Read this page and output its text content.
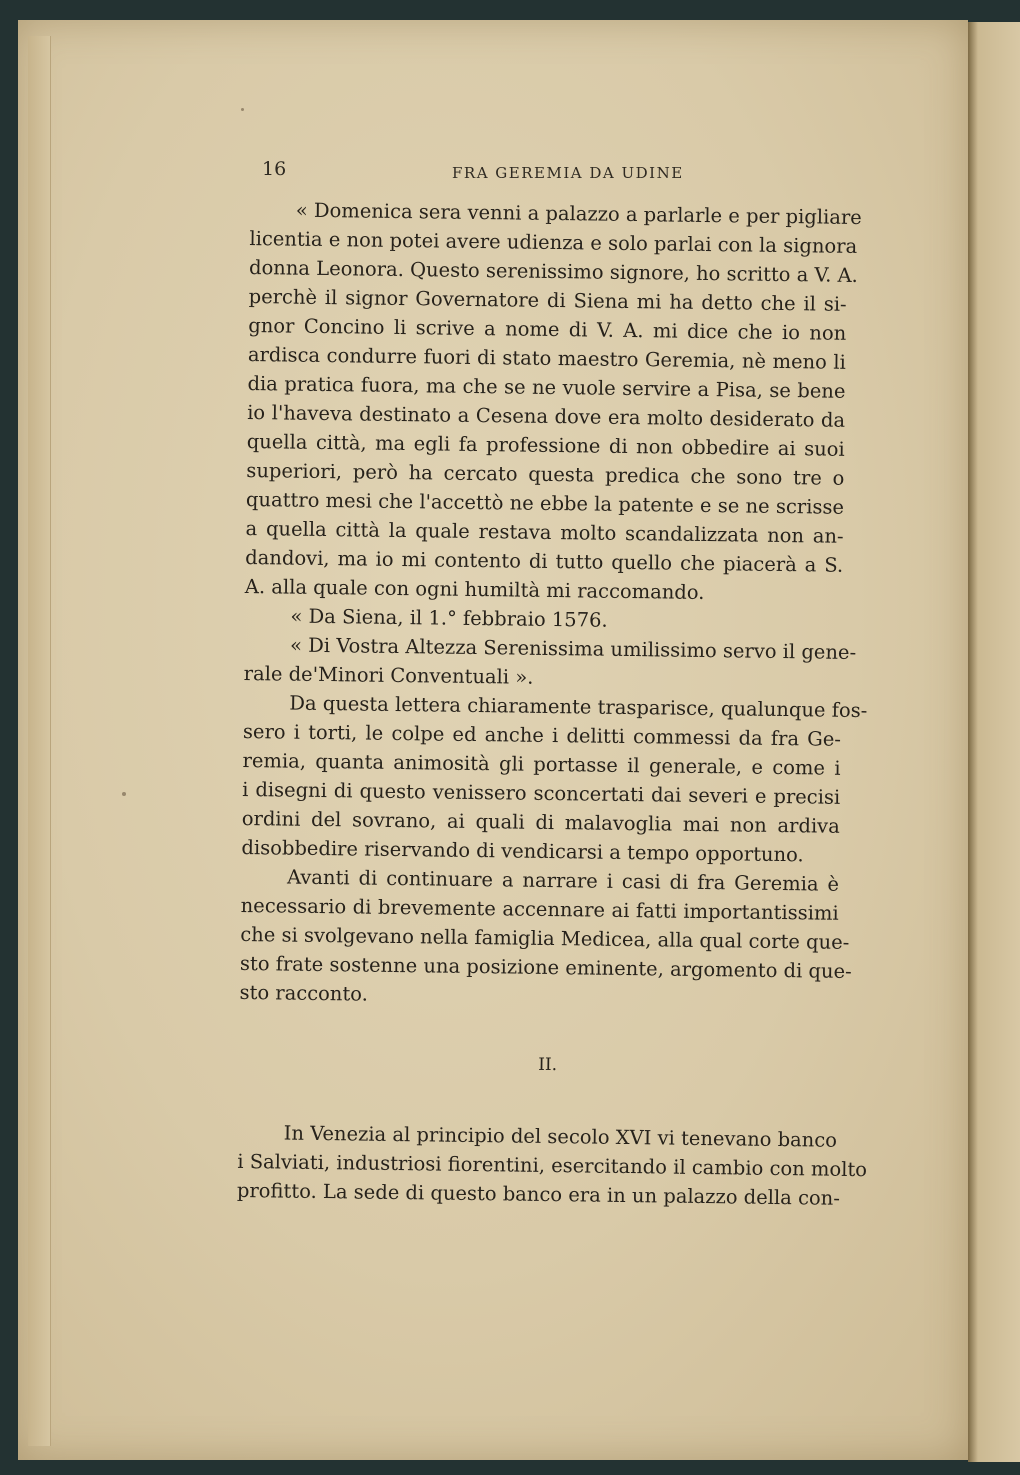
16	FRA GEREMIA DA UDINE
« Domenica sera venni a palazzo a parlarle e per pigliare
licentia e non potei avere udienza e solo parlai con la signora
donna Leonora. Questo serenissimo signore, ho scritto a V. A.
perchè il signor Governatore di Siena mi ha detto che il si-
gnor Concino li scrive a nome di V. A. mi dice che io non
ardisca condurre fuori di stato maestro Geremia, nè meno li
dia pratica fuora, ma che se ne vuole servire a Pisa, se bene
io l'haveva destinato a Cesena dove era molto desiderato da
quella città, ma egli fa professione di non obbedire ai suoi
superiori, però ha cercato questa predica che sono tre o
quattro mesi che l'accettò ne ebbe la patente e se ne scrisse
a quella città la quale restava molto scandalizzata non an-
dandovi, ma io mi contento di tutto quello che piacerà a S.
A. alla quale con ogni humiltà mi raccomando.
« Da Siena, il 1.° febbraio 1576.
« Di Vostra Altezza Serenissima umilissimo servo il gene-
rale de'Minori Conventuali ».
Da questa lettera chiaramente trasparisce, qualunque fos-
sero i torti, le colpe ed anche i delitti commessi da fra Ge-
remia, quanta animosità gli portasse il generale, e come i
i disegni di questo venissero sconcertati dai severi e precisi
ordini del sovrano, ai quali di malavoglia mai non ardiva
disobbedire riservando di vendicarsi a tempo opportuno.
Avanti di continuare a narrare i casi di fra Geremia è
necessario di brevemente accennare ai fatti importantissimi
che si svolgevano nella famiglia Medicea, alla qual corte que-
sto frate sostenne una posizione eminente, argomento di que-
sto racconto.
II.
In Venezia al principio del secolo XVI vi tenevano banco
i Salviati, industriosi fiorentini, esercitando il cambio con molto
profitto. La sede di questo banco era in un palazzo della con-
